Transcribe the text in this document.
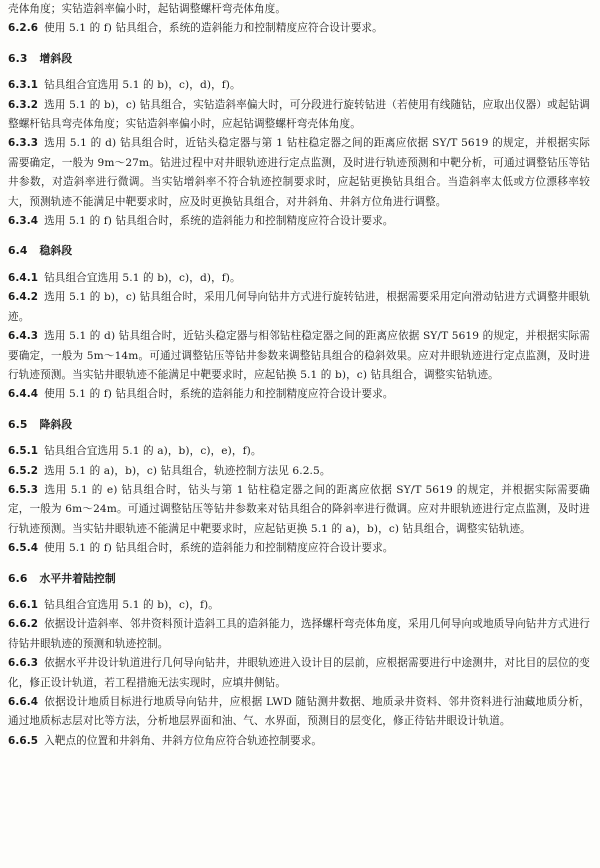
壳体角度；实钻造斜率偏小时，起钻调整螺杆弯壳体角度。

6.2.6 使用 5.1 的 f) 钻具组合，系统的造斜能力和控制精度应符合设计要求。

6.3 增斜段

6.3.1 钻具组合宜选用 5.1 的 b)，c)，d)，f)。

6.3.2 选用 5.1 的 b)，c) 钻具组合，实钻造斜率偏大时，可分段进行旋转钻进（若使用有线随钻，应取出仪器）或起钻调整螺杆钻具弯壳体角度；实钻造斜率偏小时，应起钻调整螺杆弯壳体角度。

6.3.3 选用 5.1 的 d) 钻具组合时，近钻头稳定器与第 1 钻柱稳定器之间的距离应依据 SY/T 5619 的规定，并根据实际需要确定，一般为 9m～27m。钻进过程中对井眼轨迹进行定点监测，及时进行轨迹预测和中靶分析，可通过调整钻压等钻井参数，对造斜率进行微调。当实钻增斜率不符合轨迹控制要求时，应起钻更换钻具组合。当造斜率太低或方位漂移率较大，预测轨迹不能满足中靶要求时，应及时更换钻具组合，对井斜角、井斜方位角进行调整。

6.3.4 选用 5.1 的 f) 钻具组合时，系统的造斜能力和控制精度应符合设计要求。

6.4 稳斜段

6.4.1 钻具组合宜选用 5.1 的 b)，c)，d)，f)。

6.4.2 选用 5.1 的 b)，c) 钻具组合时，采用几何导向钻井方式进行旋转钻进，根据需要采用定向滑动钻进方式调整井眼轨迹。

6.4.3 选用 5.1 的 d) 钻具组合时，近钻头稳定器与相邻钻柱稳定器之间的距离应依据 SY/T 5619 的规定，并根据实际需要确定，一般为 5m～14m。可通过调整钻压等钻井参数来调整钻具组合的稳斜效果。应对井眼轨迹进行定点监测，及时进行轨迹预测。当实钻井眼轨迹不能满足中靶要求时，应起钻换 5.1 的 b)，c) 钻具组合，调整实钻轨迹。

6.4.4 使用 5.1 的 f) 钻具组合时，系统的造斜能力和控制精度应符合设计要求。

6.5 降斜段

6.5.1 钻具组合宜选用 5.1 的 a)，b)，c)，e)，f)。

6.5.2 选用 5.1 的 a)，b)，c) 钻具组合，轨迹控制方法见 6.2.5。

6.5.3 选用 5.1 的 e) 钻具组合时，钻头与第 1 钻柱稳定器之间的距离应依据 SY/T 5619 的规定，并根据实际需要确定，一般为 6m～24m。可通过调整钻压等钻井参数来对钻具组合的降斜率进行微调。应对井眼轨迹进行定点监测，及时进行轨迹预测。当实钻井眼轨迹不能满足中靶要求时，应起钻更换 5.1 的 a)，b)，c) 钻具组合，调整实钻轨迹。

6.5.4 使用 5.1 的 f) 钻具组合时，系统的造斜能力和控制精度应符合设计要求。

6.6 水平井着陆控制

6.6.1 钻具组合宜选用 5.1 的 b)，c)，f)。

6.6.2 依据设计造斜率、邻井资料预计造斜工具的造斜能力，选择螺杆弯壳体角度，采用几何导向或地质导向钻井方式进行待钻井眼轨迹的预测和轨迹控制。

6.6.3 依据水平井设计轨道进行几何导向钻井，井眼轨迹进入设计目的层前，应根据需要进行中途测井，对比目的层位的变化，修正设计轨道，若工程措施无法实现时，应填井侧钻。

6.6.4 依据设计地质目标进行地质导向钻井，应根据 LWD 随钻测井数据、地质录井资料、邻井资料进行油藏地质分析，通过地质标志层对比等方法，分析地层界面和油、气、水界面，预测目的层变化，修正待钻井眼设计轨道。

6.6.5 入靶点的位置和井斜角、井斜方位角应符合轨迹控制要求。
